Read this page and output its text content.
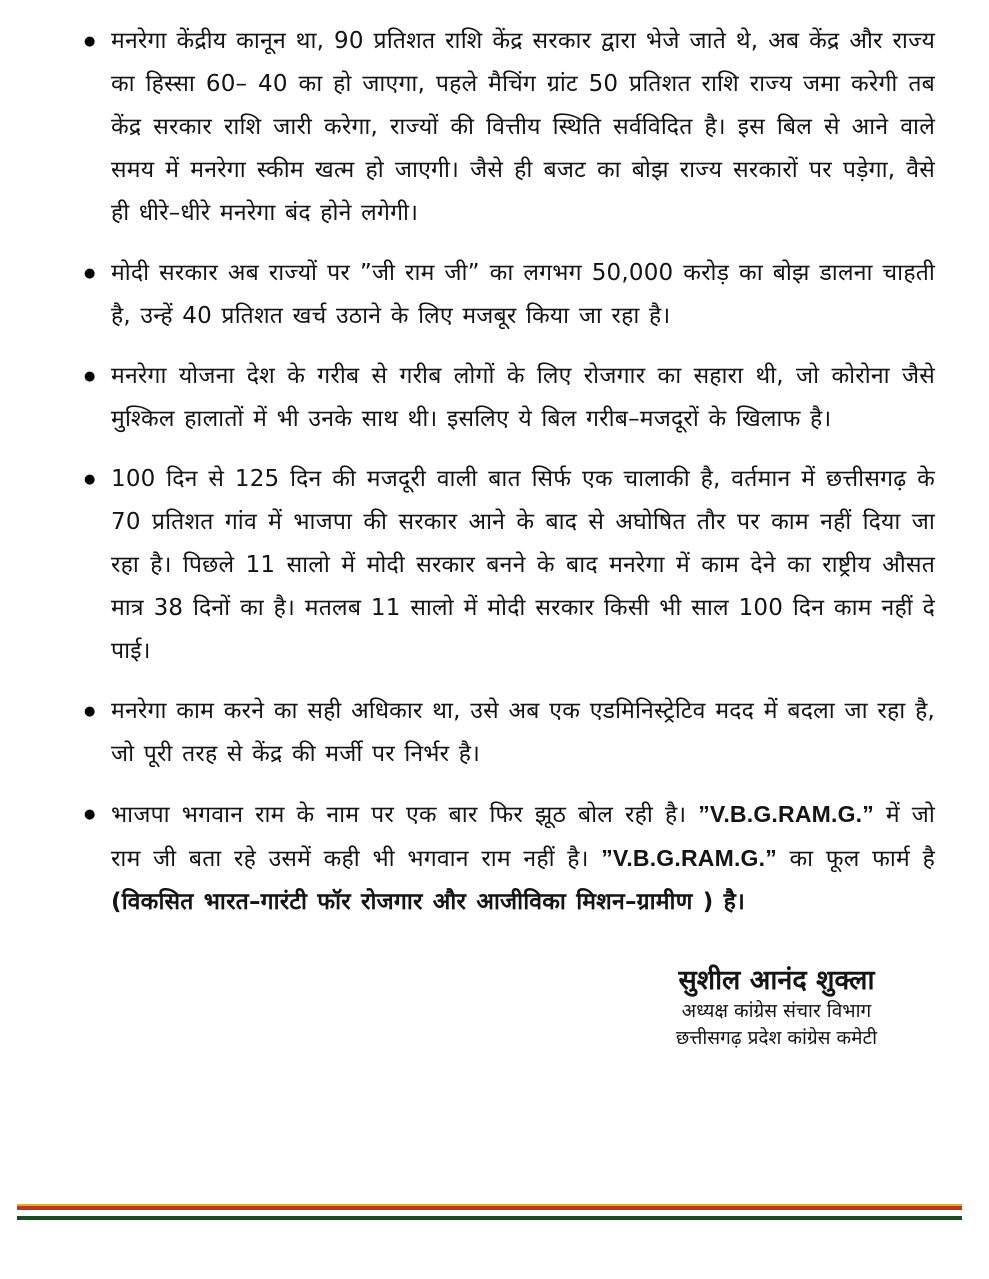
● मनरेगा केंद्रीय कानून था, 90 प्रतिशत राशि केंद्र सरकार द्वारा भेजे जाते थे, अब केंद्र और राज्य का हिस्सा 60– 40 का हो जाएगा, पहले मैचिंग ग्रांट 50 प्रतिशत राशि राज्य जमा करेगी तब केंद्र सरकार राशि जारी करेगा, राज्यों की वित्तीय स्थिति सर्वविदित है। इस बिल से आने वाले समय में मनरेगा स्कीम खत्म हो जाएगी। जैसे ही बजट का बोझ राज्य सरकारों पर पड़ेगा, वैसे ही धीरे–धीरे मनरेगा बंद होने लगेगी।

● मोदी सरकार अब राज्यों पर ”जी राम जी” का लगभग 50,000 करोड़ का बोझ डालना चाहती है, उन्हें 40 प्रतिशत खर्च उठाने के लिए मजबूर किया जा रहा है।

● मनरेगा योजना देश के गरीब से गरीब लोगों के लिए रोजगार का सहारा थी, जो कोरोना जैसे मुश्किल हालातों में भी उनके साथ थी। इसलिए ये बिल गरीब–मजदूरों के खिलाफ है।

● 100 दिन से 125 दिन की मजदूरी वाली बात सिर्फ एक चालाकी है, वर्तमान में छत्तीसगढ़ के 70 प्रतिशत गांव में भाजपा की सरकार आने के बाद से अघोषित तौर पर काम नहीं दिया जा रहा है। पिछले 11 सालो में मोदी सरकार बनने के बाद मनरेगा में काम देने का राष्ट्रीय औसत मात्र 38 दिनों का है। मतलब 11 सालो में मोदी सरकार किसी भी साल 100 दिन काम नहीं दे पाई।

● मनरेगा काम करने का सही अधिकार था, उसे अब एक एडमिनिस्ट्रेटिव मदद में बदला जा रहा है, जो पूरी तरह से केंद्र की मर्जी पर निर्भर है।

● भाजपा भगवान राम के नाम पर एक बार फिर झूठ बोल रही है। ”V.B.G.RAM.G.” में जो राम जी बता रहे उसमें कही भी भगवान राम नहीं है। ”V.B.G.RAM.G.” का फूल फार्म है (विकसित भारत–गारंटी फॉर रोजगार और आजीविका मिशन–ग्रामीण ) है।

सुशील आनंद शुक्ला
अध्यक्ष कांग्रेस संचार विभाग
छत्तीसगढ़ प्रदेश कांग्रेस कमेटी
